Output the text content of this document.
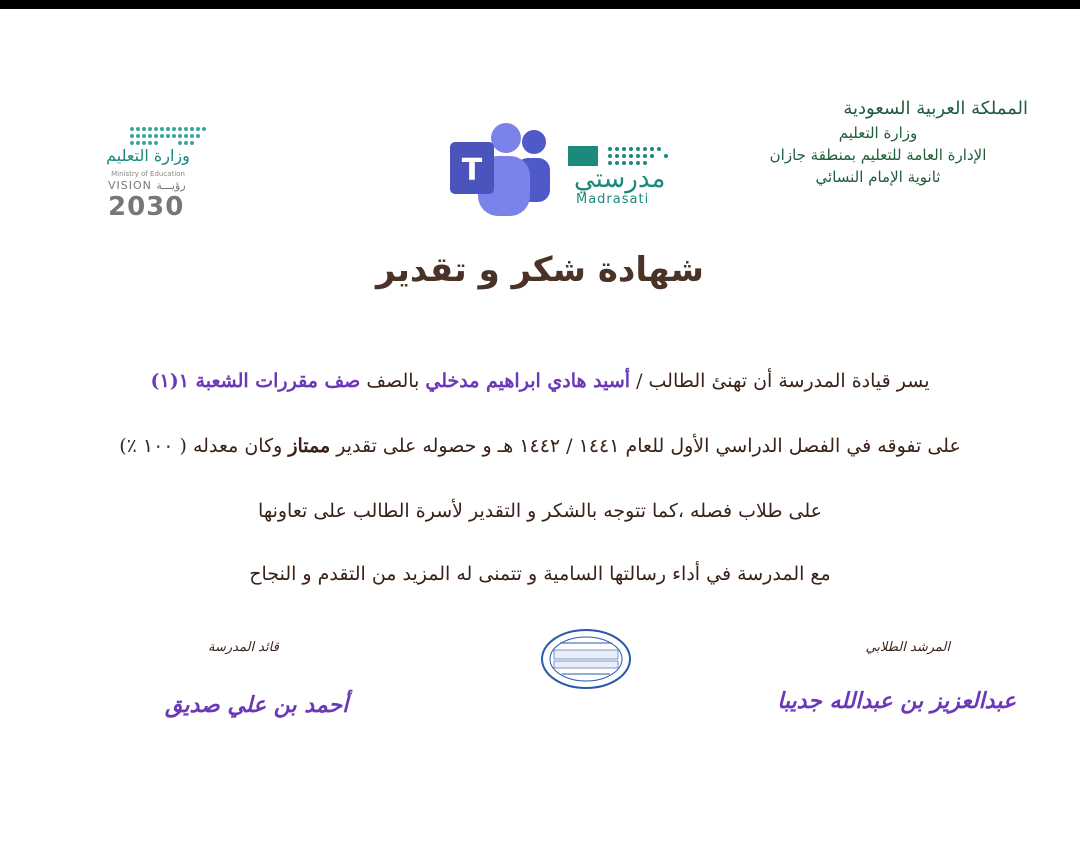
المملكة العربية السعودية
وزارة التعليم
الإدارة العامة للتعليم بمنطقة جازان
ثانوية الإمام النسائي
مدرستي
Madrasati
T
وزارة التعليم
Ministry of Education
VISION رؤيـــة
2030
شهادة شكر و تقدير
يسر قيادة المدرسة أن تهنئ الطالب / أسيد هادي ابراهيم مدخلي بالصف صف مقررات الشعبة ١(١)
على تفوقه في الفصل الدراسي الأول للعام ١٤٤١ / ١٤٤٢ هـ و حصوله على تقدير ممتاز وكان معدله ( ١٠٠ ٪)
على طلاب فصله ،كما تتوجه بالشكر و التقدير لأسرة الطالب على تعاونها
مع المدرسة في أداء رسالتها السامية و تتمنى له المزيد من التقدم و النجاح
المرشد الطلابي
عبدالعزيز بن عبدالله جديبا
قائد المدرسة
أحمد بن علي صديق
